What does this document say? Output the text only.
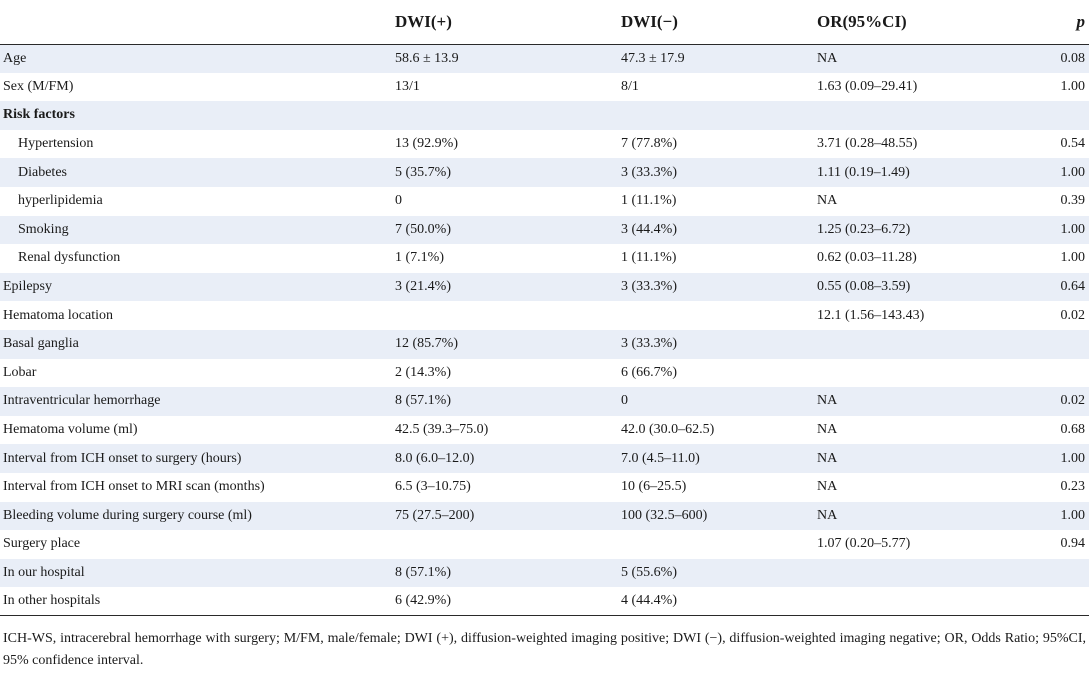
	DWI(+)	DWI(−)	OR(95%CI)	p
Age	58.6 ± 13.9	47.3 ± 17.9	NA	0.08
Sex (M/FM)	13/1	8/1	1.63 (0.09–29.41)	1.00
Risk factors				
Hypertension	13 (92.9%)	7 (77.8%)	3.71 (0.28–48.55)	0.54
Diabetes	5 (35.7%)	3 (33.3%)	1.11 (0.19–1.49)	1.00
hyperlipidemia	0	1 (11.1%)	NA	0.39
Smoking	7 (50.0%)	3 (44.4%)	1.25 (0.23–6.72)	1.00
Renal dysfunction	1 (7.1%)	1 (11.1%)	0.62 (0.03–11.28)	1.00
Epilepsy	3 (21.4%)	3 (33.3%)	0.55 (0.08–3.59)	0.64
Hematoma location			12.1 (1.56–143.43)	0.02
Basal ganglia	12 (85.7%)	3 (33.3%)		
Lobar	2 (14.3%)	6 (66.7%)		
Intraventricular hemorrhage	8 (57.1%)	0	NA	0.02
Hematoma volume (ml)	42.5 (39.3–75.0)	42.0 (30.0–62.5)	NA	0.68
Interval from ICH onset to surgery (hours)	8.0 (6.0–12.0)	7.0 (4.5–11.0)	NA	1.00
Interval from ICH onset to MRI scan (months)	6.5 (3–10.75)	10 (6–25.5)	NA	0.23
Bleeding volume during surgery course (ml)	75 (27.5–200)	100 (32.5–600)	NA	1.00
Surgery place			1.07 (0.20–5.77)	0.94
In our hospital	8 (57.1%)	5 (55.6%)		
In other hospitals	6 (42.9%)	4 (44.4%)		
ICH-WS, intracerebral hemorrhage with surgery; M/FM, male/female; DWI (+), diffusion-weighted imaging positive; DWI (−), diffusion-weighted imaging negative; OR, Odds Ratio; 95%CI, 95% confidence interval.
